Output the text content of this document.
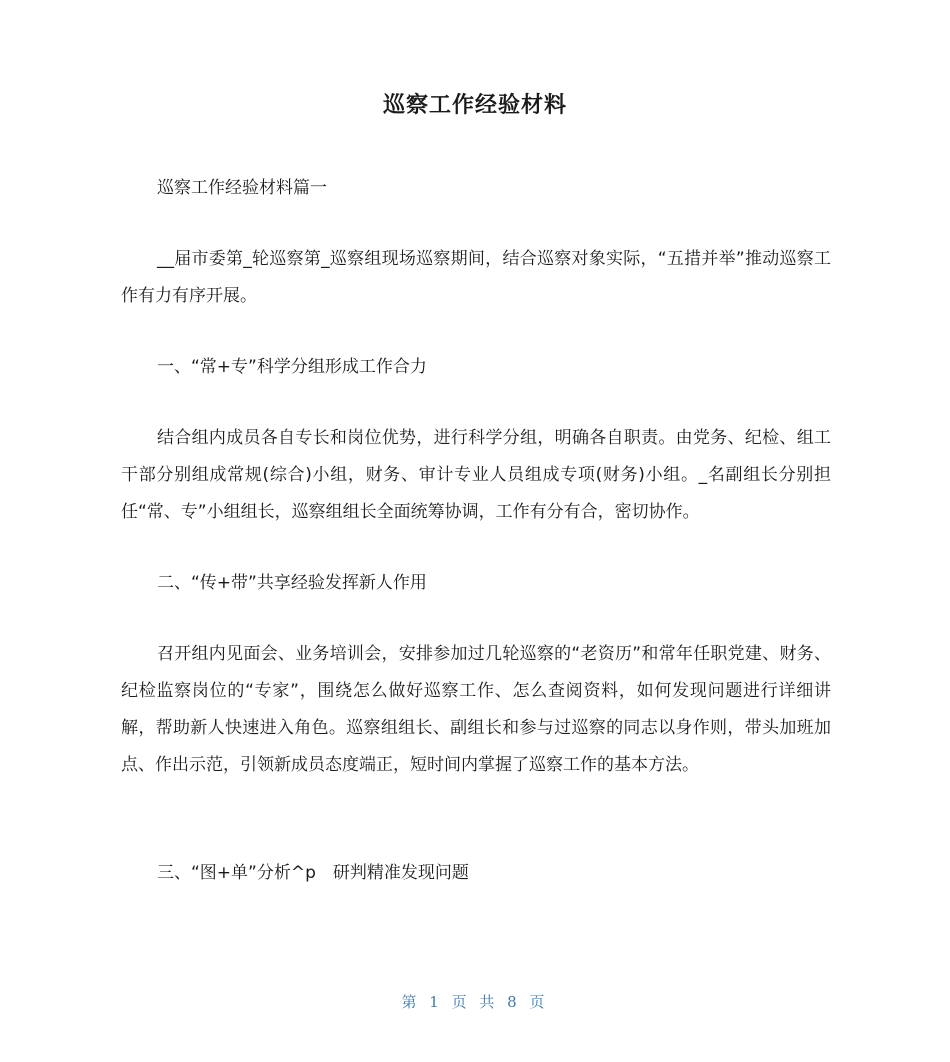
巡察工作经验材料

巡察工作经验材料篇一

__届市委第_轮巡察第_巡察组现场巡察期间，结合巡察对象实际，“五措并举”推动巡察工作有力有序开展。

一、“常+专”科学分组形成工作合力

结合组内成员各自专长和岗位优势，进行科学分组，明确各自职责。由党务、纪检、组工干部分别组成常规(综合)小组，财务、审计专业人员组成专项(财务)小组。_名副组长分别担任“常、专”小组组长，巡察组组长全面统筹协调，工作有分有合，密切协作。

二、“传+带”共享经验发挥新人作用

召开组内见面会、业务培训会，安排参加过几轮巡察的“老资历”和常年任职党建、财务、纪检监察岗位的“专家”，围绕怎么做好巡察工作、怎么查阅资料，如何发现问题进行详细讲解，帮助新人快速进入角色。巡察组组长、副组长和参与过巡察的同志以身作则，带头加班加点、作出示范，引领新成员态度端正，短时间内掌握了巡察工作的基本方法。

三、“图+单”分析^p　研判精准发现问题

第 1 页 共 8 页
